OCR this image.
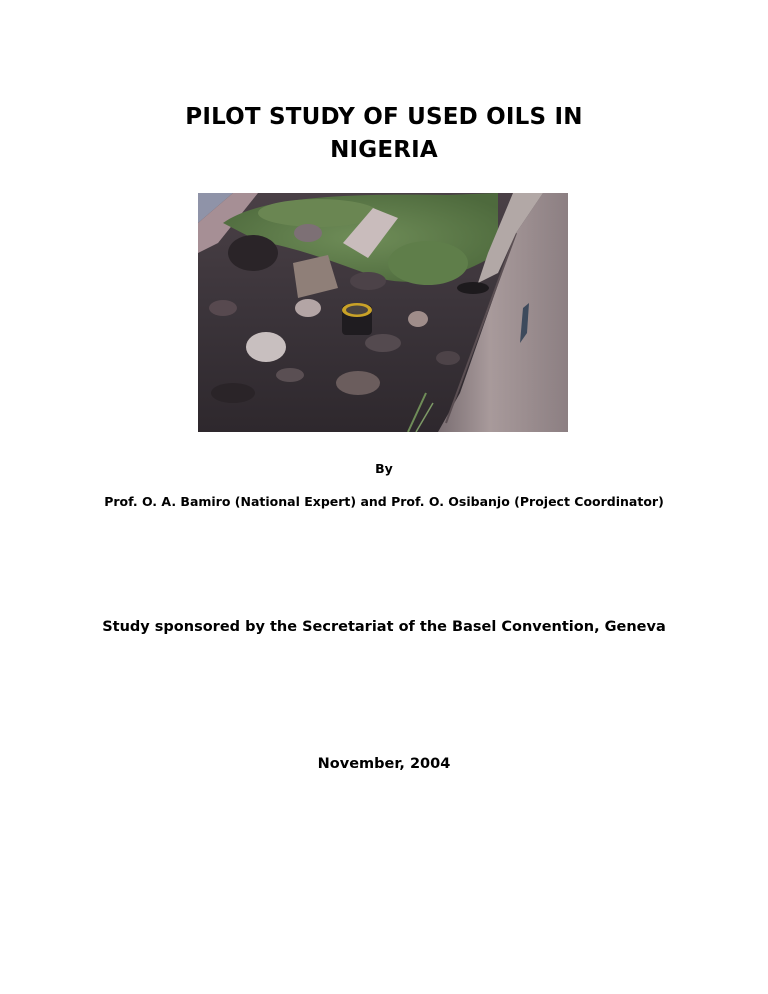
PILOT STUDY OF USED OILS IN
NIGERIA

By

Prof. O. A. Bamiro (National Expert) and Prof. O. Osibanjo (Project Coordinator)

Study sponsored by the Secretariat of the Basel Convention, Geneva

November, 2004
